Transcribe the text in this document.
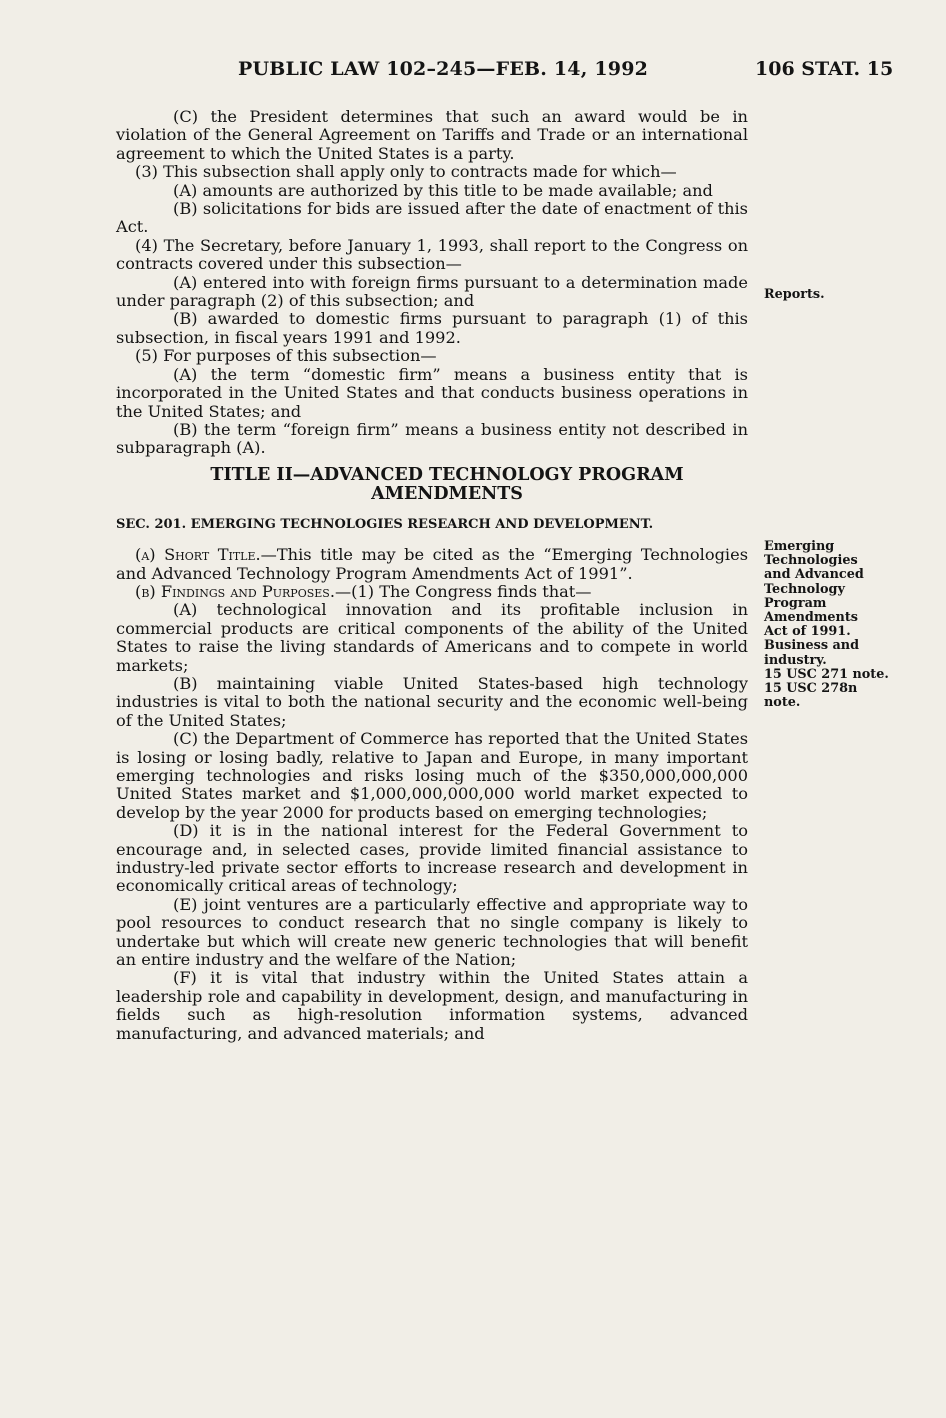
PUBLIC LAW 102–245—FEB. 14, 1992	106 STAT. 15

(C) the President determines that such an award would be in violation of the General Agreement on Tariffs and Trade or an international agreement to which the United States is a party.

(3) This subsection shall apply only to contracts made for which—

(A) amounts are authorized by this title to be made available; and

(B) solicitations for bids are issued after the date of enactment of this Act.

(4) The Secretary, before January 1, 1993, shall report to the Congress on contracts covered under this subsection—

(A) entered into with foreign firms pursuant to a determination made under paragraph (2) of this subsection; and

(B) awarded to domestic firms pursuant to paragraph (1) of this subsection, in fiscal years 1991 and 1992.

(5) For purposes of this subsection—

(A) the term “domestic firm” means a business entity that is incorporated in the United States and that conducts business operations in the United States; and

(B) the term “foreign firm” means a business entity not described in subparagraph (A).

TITLE II—ADVANCED TECHNOLOGY PROGRAM
AMENDMENTS
SEC. 201. EMERGING TECHNOLOGIES RESEARCH AND DEVELOPMENT.

(a) Short Title.—This title may be cited as the “Emerging Technologies and Advanced Technology Program Amendments Act of 1991”.

(b) Findings and Purposes.—(1) The Congress finds that—

(A) technological innovation and its profitable inclusion in commercial products are critical components of the ability of the United States to raise the living standards of Americans and to compete in world markets;

(B) maintaining viable United States-based high technology industries is vital to both the national security and the economic well-being of the United States;

(C) the Department of Commerce has reported that the United States is losing or losing badly, relative to Japan and Europe, in many important emerging technologies and risks losing much of the $350,000,000,000 United States market and $1,000,000,000,000 world market expected to develop by the year 2000 for products based on emerging technologies;

(D) it is in the national interest for the Federal Government to encourage and, in selected cases, provide limited financial assistance to industry-led private sector efforts to increase research and development in economically critical areas of technology;

(E) joint ventures are a particularly effective and appropriate way to pool resources to conduct research that no single company is likely to undertake but which will create new generic technologies that will benefit an entire industry and the welfare of the Nation;

(F) it is vital that industry within the United States attain a leadership role and capability in development, design, and manufacturing in fields such as high-resolution information systems, advanced manufacturing, and advanced materials; and

Reports.
Emerging
Technologies
and Advanced
Technology
Program
Amendments
Act of 1991.
Business and
industry.
15 USC 271 note.
15 USC 278n
note.
